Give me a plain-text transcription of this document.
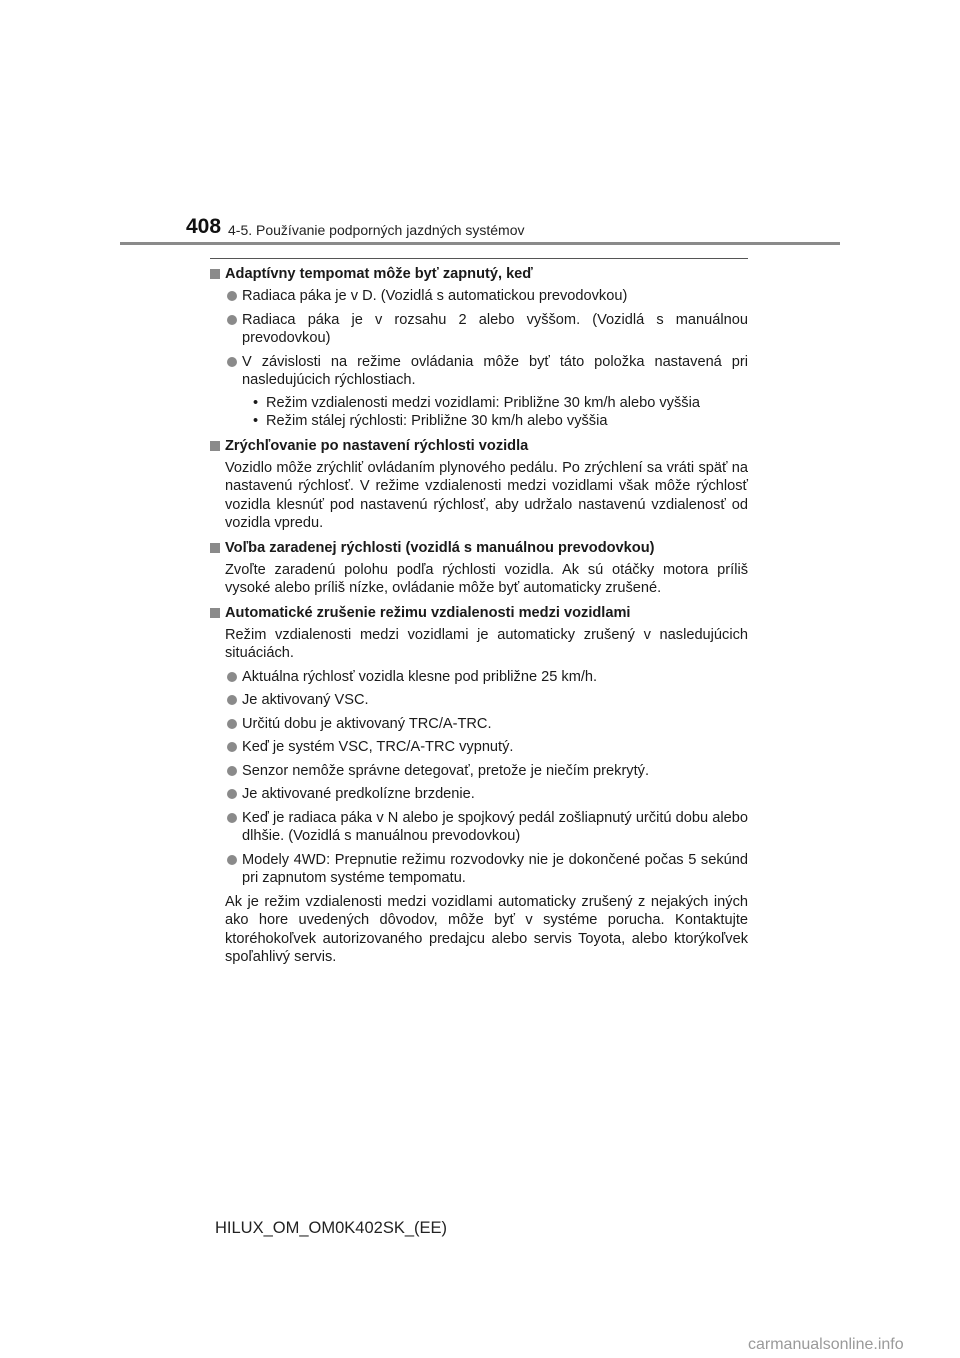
408 4-5. Používanie podporných jazdných systémov
Adaptívny tempomat môže byť zapnutý, keď
Radiaca páka je v D. (Vozidlá s automatickou prevodovkou)
Radiaca páka je v rozsahu 2 alebo vyššom. (Vozidlá s manuálnou prevodovkou)
V závislosti na režime ovládania môže byť táto položka nastavená pri nasledujúcich rýchlostiach.
• Režim vzdialenosti medzi vozidlami: Približne 30 km/h alebo vyššia
• Režim stálej rýchlosti: Približne 30 km/h alebo vyššia
Zrýchľovanie po nastavení rýchlosti vozidla
Vozidlo môže zrýchliť ovládaním plynového pedálu. Po zrýchlení sa vráti späť na nastavenú rýchlosť. V režime vzdialenosti medzi vozidlami však môže rýchlosť vozidla klesnúť pod nastavenú rýchlosť, aby udržalo nastavenú vzdialenosť od vozidla vpredu.
Voľba zaradenej rýchlosti (vozidlá s manuálnou prevodovkou)
Zvoľte zaradenú polohu podľa rýchlosti vozidla. Ak sú otáčky motora príliš vysoké alebo príliš nízke, ovládanie môže byť automaticky zrušené.
Automatické zrušenie režimu vzdialenosti medzi vozidlami
Režim vzdialenosti medzi vozidlami je automaticky zrušený v nasledujúcich situáciách.
Aktuálna rýchlosť vozidla klesne pod približne 25 km/h.
Je aktivovaný VSC.
Určitú dobu je aktivovaný TRC/A-TRC.
Keď je systém VSC, TRC/A-TRC vypnutý.
Senzor nemôže správne detegovať, pretože je niečím prekrytý.
Je aktivované predkolízne brzdenie.
Keď je radiaca páka v N alebo je spojkový pedál zošliapnutý určitú dobu alebo dlhšie. (Vozidlá s manuálnou prevodovkou)
Modely 4WD: Prepnutie režimu rozvodovky nie je dokončené počas 5 sekúnd pri zapnutom systéme tempomatu.
Ak je režim vzdialenosti medzi vozidlami automaticky zrušený z nejakých iných ako hore uvedených dôvodov, môže byť v systéme porucha. Kontaktujte ktoréhokoľvek autorizovaného predajcu alebo servis Toyota, alebo ktorýkoľvek spoľahlivý servis.
HILUX_OM_OM0K402SK_(EE)
carmanualsonline.info
